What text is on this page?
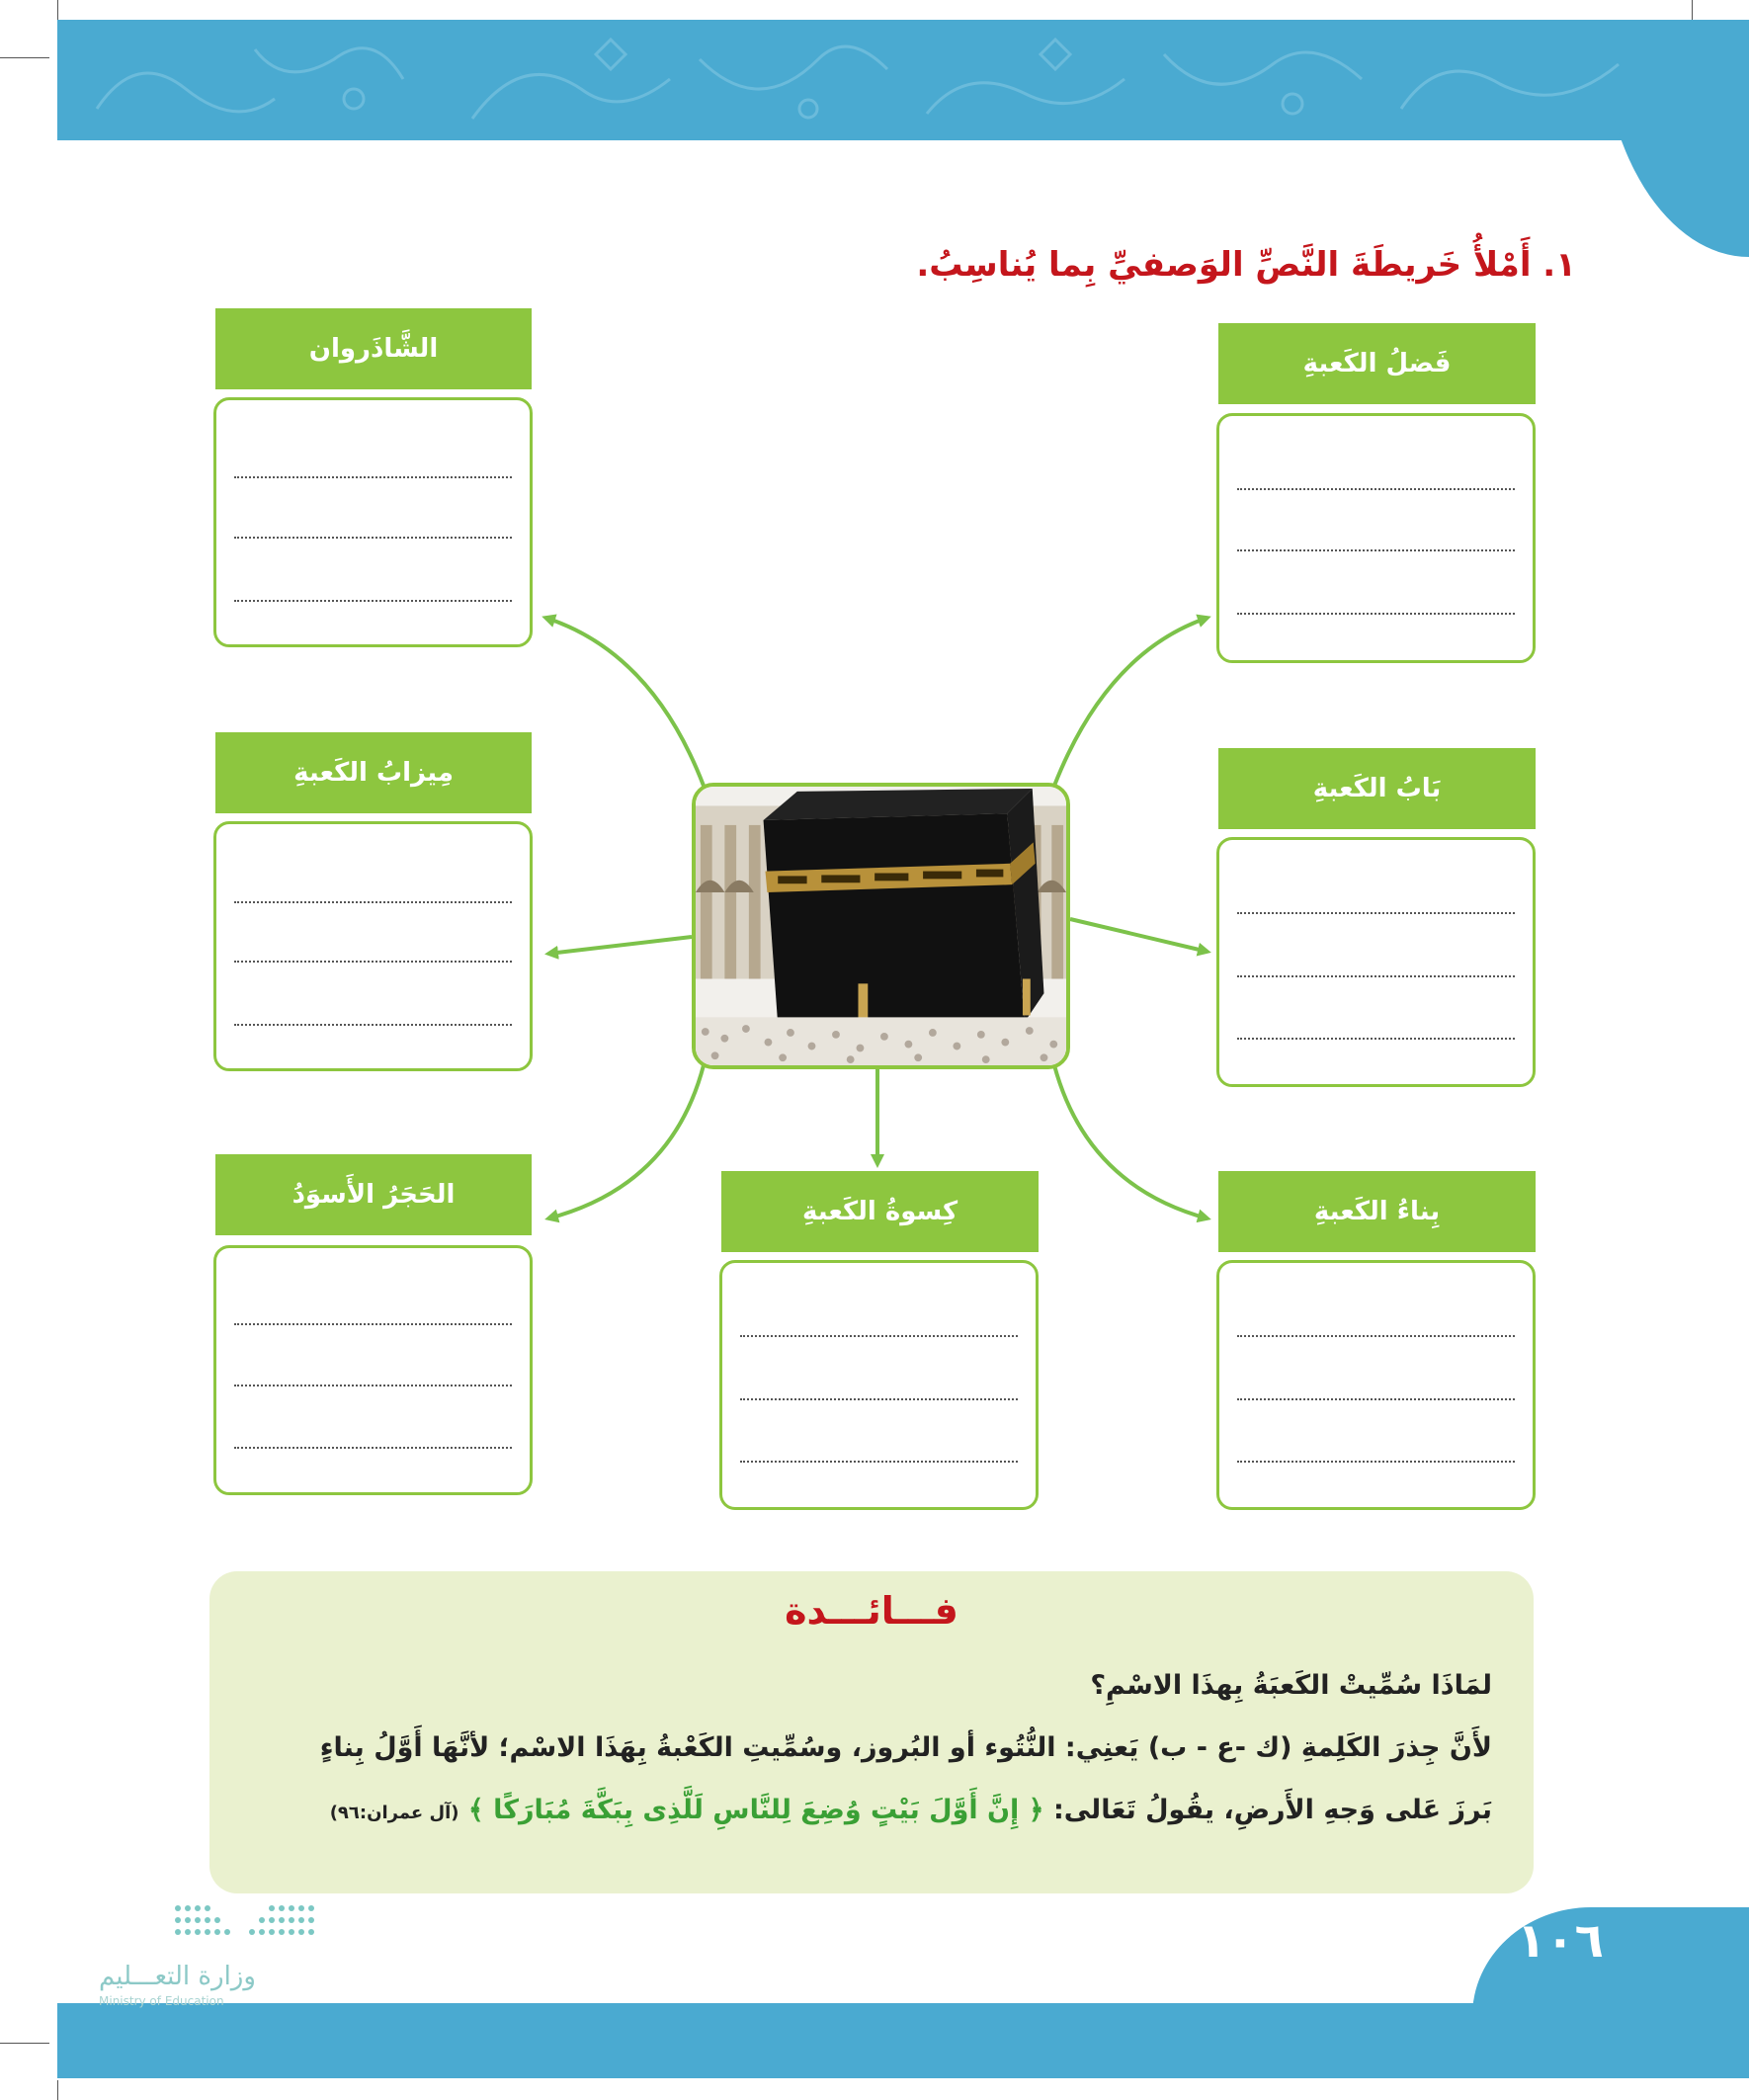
١. أَمْلأُ خَريطَةَ النَّصِّ الوَصفيِّ بِما يُناسِبُ.
الشَّاذَروان	فَضلُ الكَعبةِ
مِيزابُ الكَعبةِ
بَابُ الكَعبةِ
الحَجَرُ الأَسوَدُ
كِسوةُ الكَعبةِ	بِناءُ الكَعبةِ
فـــائـــدة
لمَاذَا سُمِّيتْ الكَعبَةُ بِهذَا الاسْمِ؟
لأَنَّ جِذرَ الكَلِمةِ (ك -ع - ب) يَعنِي: النُّتُوء أو البُروز، وسُمِّيتِ الكَعْبةُ بِهَذَا الاسْم؛ لأنَّهَا أَوَّلُ بِناءٍ
بَرزَ عَلى وَجهِ الأَرضِ، يقُولُ تَعَالى: ﴿ إِنَّ أَوَّلَ بَيْتٍ وُضِعَ لِلنَّاسِ لَلَّذِى بِبَكَّةَ مُبَارَكًا ﴾ (آل عمران:٩٦)
١٠٦
وزارة التعـــليم
Ministry of Education
